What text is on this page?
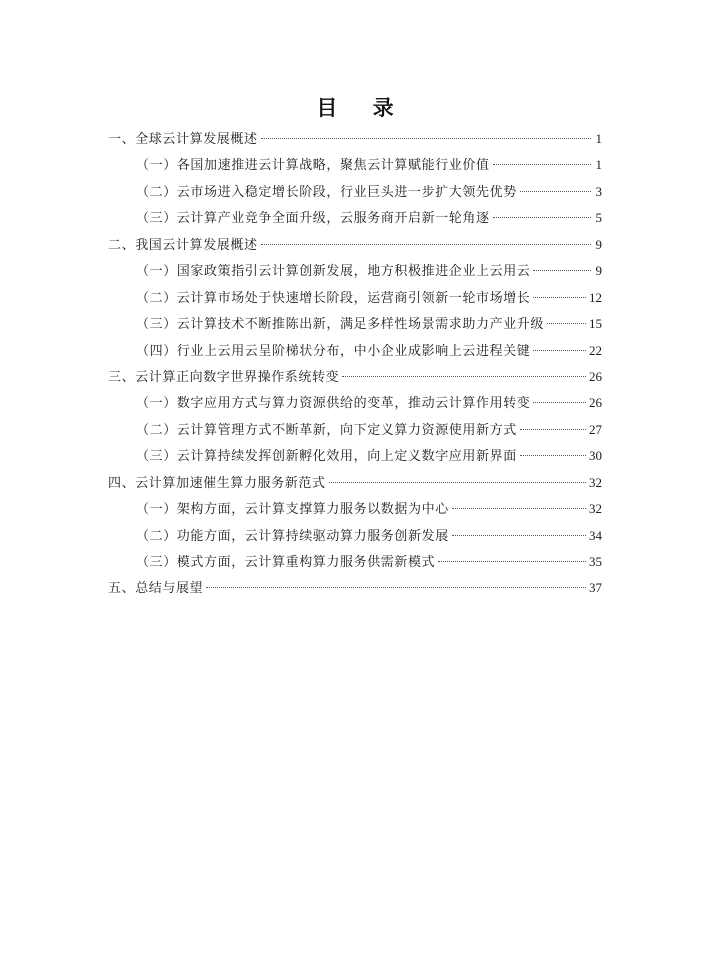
目 录
一、全球云计算发展概述	1
（一）各国加速推进云计算战略，聚焦云计算赋能行业价值	1
（二）云市场进入稳定增长阶段，行业巨头进一步扩大领先优势	3
（三）云计算产业竞争全面升级，云服务商开启新一轮角逐	5
二、我国云计算发展概述	9
（一）国家政策指引云计算创新发展，地方积极推进企业上云用云	9
（二）云计算市场处于快速增长阶段，运营商引领新一轮市场增长	12
（三）云计算技术不断推陈出新，满足多样性场景需求助力产业升级	15
（四）行业上云用云呈阶梯状分布，中小企业成影响上云进程关键	22
三、云计算正向数字世界操作系统转变	26
（一）数字应用方式与算力资源供给的变革，推动云计算作用转变	26
（二）云计算管理方式不断革新，向下定义算力资源使用新方式	27
（三）云计算持续发挥创新孵化效用，向上定义数字应用新界面	30
四、云计算加速催生算力服务新范式	32
（一）架构方面，云计算支撑算力服务以数据为中心	32
（二）功能方面，云计算持续驱动算力服务创新发展	34
（三）模式方面，云计算重构算力服务供需新模式	35
五、总结与展望	37
